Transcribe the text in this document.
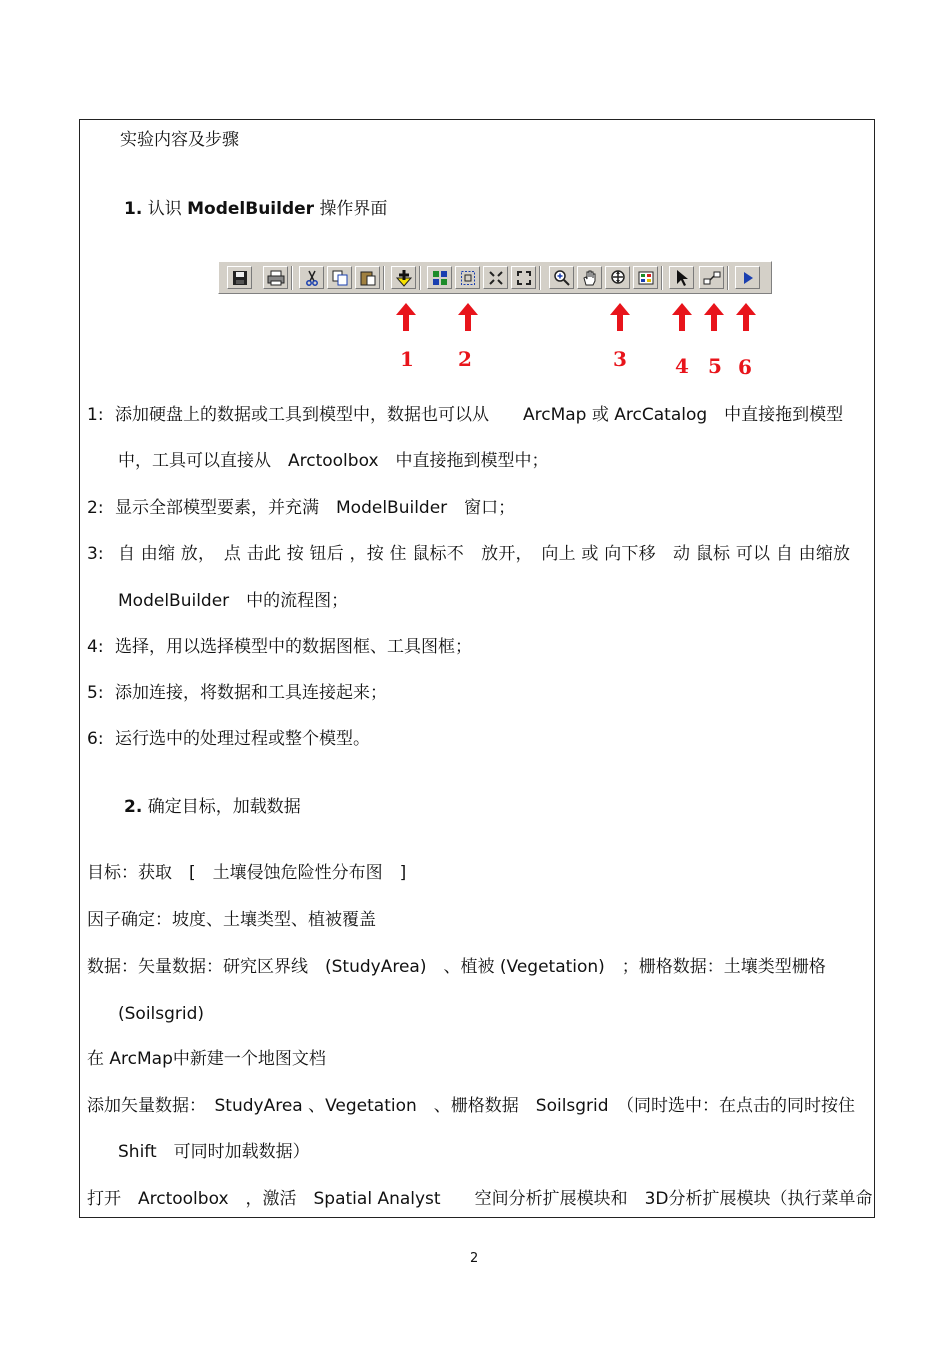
实验内容及步骤
1. 认识 ModelBuilder 操作界面
1 2	3 4 5 6
1: 添加硬盘上的数据或工具到模型中，数据也可以从　　ArcMap 或 ArcCatalog　中直接拖到模型
中，工具可以直接从　Arctoolbox　中直接拖到模型中；
2: 显示全部模型要素，并充满　ModelBuilder　窗口；
3: 自 由缩 放，　点 击此 按 钮后 ，按 住 鼠标不　放开，　向上 或 向下移　动 鼠标 可以 自 由缩放
ModelBuilder　中的流程图；
4: 选择，用以选择模型中的数据图框、工具图框；
5: 添加连接，将数据和工具连接起来；
6: 运行选中的处理过程或整个模型。
2. 确定目标，加载数据
目标：获取　[　土壤侵蚀危险性分布图　]
因子确定：坡度、土壤类型、植被覆盖
数据：矢量数据：研究区界线　(StudyArea)　、植被 (Vegetation)　；栅格数据：土壤类型栅格
(Soilsgrid)
在 ArcMap中新建一个地图文档
添加矢量数据：　StudyArea 、Vegetation　、栅格数据　Soilsgrid　（同时选中：在点击的同时按住
Shift　可同时加载数据）
打开　Arctoolbox　，激活　Spatial Analyst　　空间分析扩展模块和　3D分析扩展模块（执行菜单命
2
